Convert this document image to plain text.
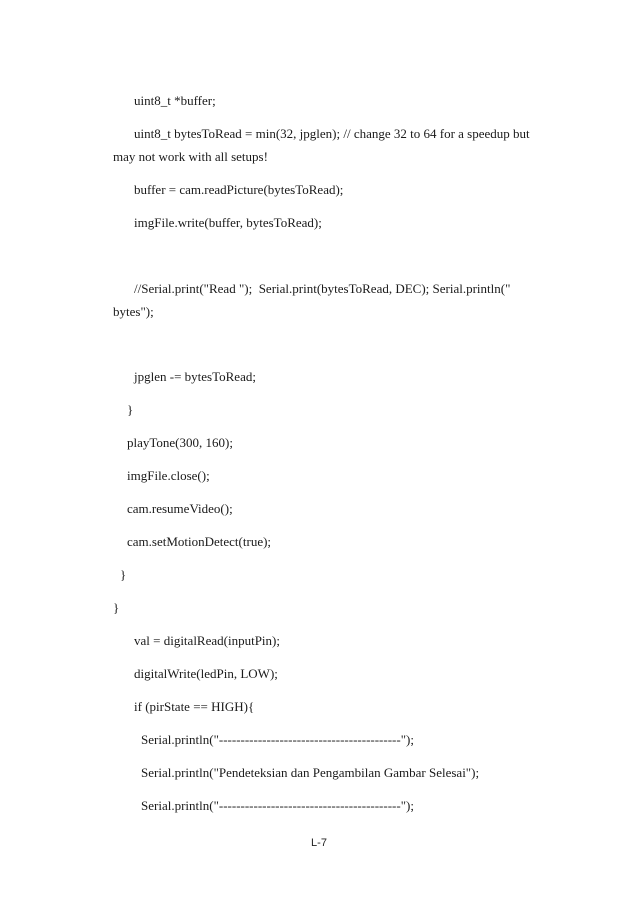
uint8_t *buffer;
uint8_t bytesToRead = min(32, jpglen); // change 32 to 64 for a speedup but
may not work with all setups!
buffer = cam.readPicture(bytesToRead);
imgFile.write(buffer, bytesToRead);
//Serial.print("Read ");  Serial.print(bytesToRead, DEC); Serial.println("
bytes");
jpglen -= bytesToRead;
}
playTone(300, 160);
imgFile.close();
cam.resumeVideo();
cam.setMotionDetect(true);
}
}
val = digitalRead(inputPin);
digitalWrite(ledPin, LOW);
if (pirState == HIGH){
Serial.println("------------------------------------------");
Serial.println("Pendeteksian dan Pengambilan Gambar Selesai");
Serial.println("------------------------------------------");
L-7
